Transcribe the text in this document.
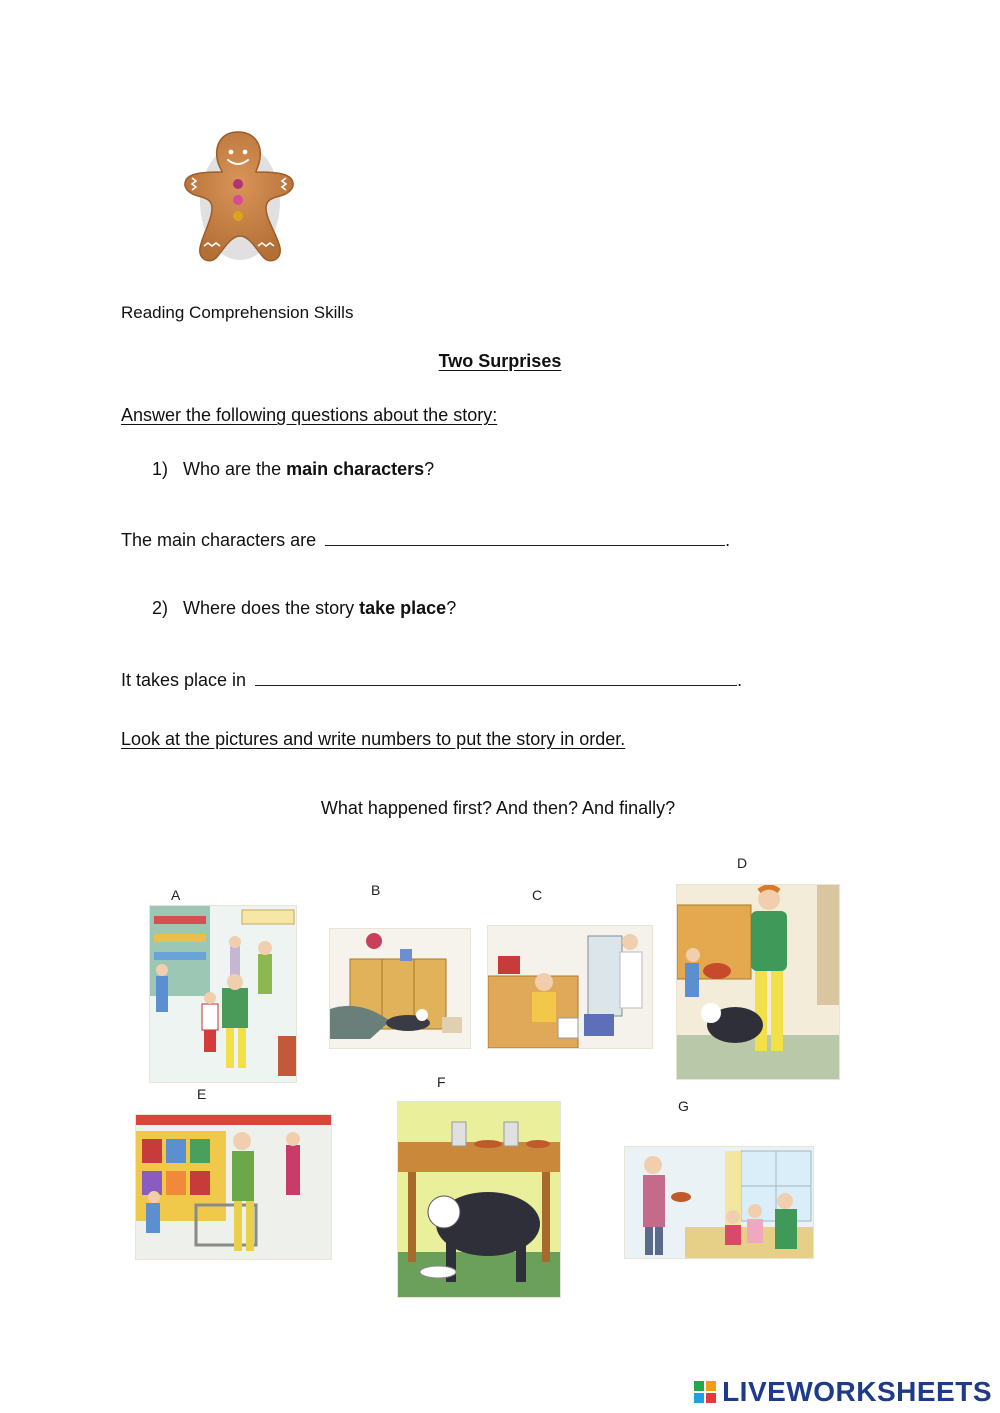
Reading Comprehension Skills
Two Surprises
Answer the following questions about the story:
1) Who are the main characters?
The main characters are	.
2) Where does the story take place?
It takes place in	.
Look at the pictures and write numbers to put the story in order.
What happened first? And then? And finally?
A	B	C
D
E
F
G
LIVEWORKSHEETS
